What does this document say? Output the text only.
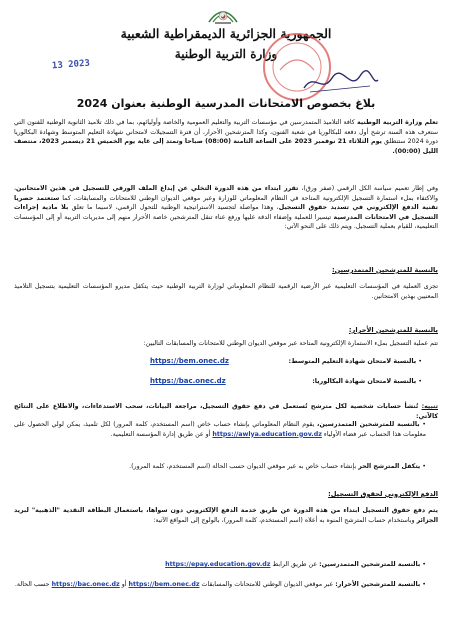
الجمهورية الجزائرية الديمقراطية الشعبية
وزارة التربية الوطنية
13 2023
بلاغ بخصوص الامتحانات المدرسية الوطنية بعنوان 2024
تعلم وزارة التربية الوطنية كافة التلاميذ المتمدرسين في مؤسسات التربية والتعليم العمومية والخاصة وأوليائهم، بما في ذلك تلاميذ الثانوية الوطنية للفنون التي ستعرف هذه السنة ترشح أول دفعة للبكالوريا في شعبة الفنون، وكذا المترشحين الأحرار، أن فترة التسجيلات لامتحاني شهادة التعليم المتوسط وشهادة البكالوريا دورة 2024 ستنطلق يوم الثلاثاء 21 نوفمبر 2023 على الساعة الثامنة (08:00) صباحا وتمتد إلى غاية يوم الخميس 21 ديسمبر 2023، منتصف الليل (00:00).
وفي إطار تعميم سياسة الكل الرقمي (صفر ورق)، تقرر ابتداء من هذه الدورة التخلي عن إيداع الملف الورقي للتسجيل في هذين الامتحانين، والاكتفاء بملء استمارة التسجيل الإلكترونية المتاحة في النظام المعلوماتي للوزارة وعبر موقعي الديوان الوطني للامتحانات والمسابقات، كما ستعتمد حصريا تقنية الدفع الإلكتروني في تسديد حقوق التسجيل، وهذا مواصلة لتجسيد الاستراتيجية الوطنية للتحول الرقمي، لاسيما ما تعلق بلا مادية إجراءات التسجيل في الامتحانات المدرسية تيسيرا للعملية وإضفاء الدقة عليها ورفع عناء تنقل المترشحين خاصة الأحرار منهم إلى مديريات التربية أو إلى المؤسسات التعليمية، للقيام بعملية التسجيل. ويتم ذلك على النحو الآتي:
بالنسبة للمترشحين المتمدرسين:
تجرى العملية في المؤسسات التعليمية عبر الأرضية الرقمية للنظام المعلوماتي لوزارة التربية الوطنية حيث يتكفل مديرو المؤسسات التعليمية بتسجيل التلاميذ المعنيين بهذين الامتحانين.
بالنسبة للمترشحين الأحرار:
تتم عملية التسجيل بملء الاستمارة الإلكترونية المتاحة عبر موقعي الديوان الوطني للامتحانات والمسابقات التاليين:
• بالنسبة لامتحان شهادة التعليم المتوسط:
https://bem.onec.dz
• بالنسبة لامتحان شهادة البكالوريا:
https://bac.onec.dz
تنبيه: تُنشأ حسابات شخصية لكل مترشح تُستعمل في دفع حقوق التسجيل، مراجعة البيانات، سحب الاستدعاءات، والاطلاع على النتائج كالآتي:
• بالنسبة للمترشحين المتمدرسين، يقوم النظام المعلوماتي بإنشاء حساب خاص (اسم المستخدم، كلمة المرور) لكل تلميذ، يمكن لولي الحصول على معلومات هذا الحساب عبر فضاء الأولياء https://awlya.education.gov.dz أو عن طريق إدارة المؤسسة التعليمية.
• يتكفل المترشح الحر بإنشاء حساب خاص به عبر موقعي الديوان حسب الحالة (اسم المستخدم، كلمة المرور).
الدفع الإلكتروني لحقوق التسجيل:
يتم دفع حقوق التسجيل ابتداء من هذه الدورة عن طريق خدمة الدفع الإلكتروني دون سواها، باستعمال البطاقة النقدية "الذهبية" لبريد الجزائر وباستخدام حساب المترشح المنوه به أعلاه (اسم المستخدم، كلمة المرور)، بالولوج إلى المواقع الآتية:
• بالنسبة للمترشحين المتمدرسين: عن طريق الرابط https://epay.education.gov.dz
• بالنسبة للمترشحين الأحرار: عبر موقعي الديوان الوطني للامتحانات والمسابقات https://bem.onec.dz أو https://bac.onec.dz حسب الحالة.
